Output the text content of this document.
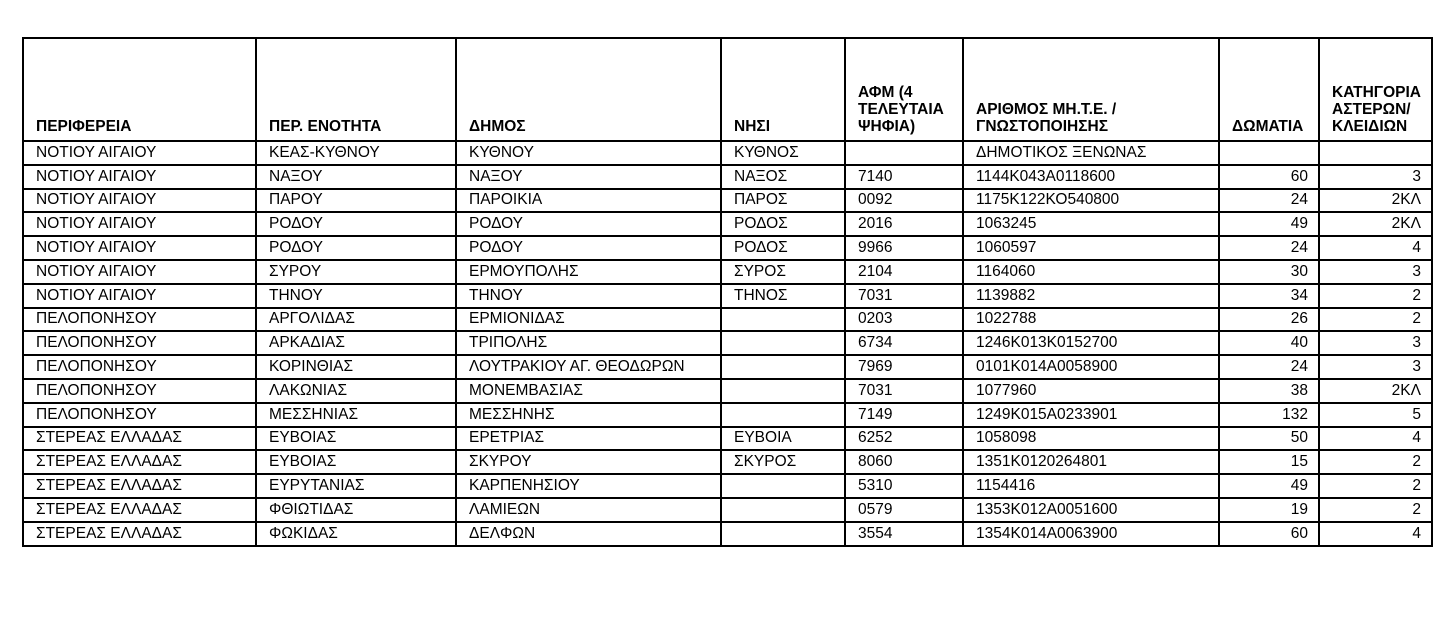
ΠΕΡΙΦΕΡΕΙΑ	ΠΕΡ. ΕΝΟΤΗΤΑ	ΔΗΜΟΣ	ΝΗΣΙ	ΑΦΜ (4 ΤΕΛΕΥΤΑΙΑ ΨΗΦΙΑ)	ΑΡΙΘΜΟΣ ΜΗ.Τ.Ε. / ΓΝΩΣΤΟΠΟΙΗΣΗΣ	ΔΩΜΑΤΙΑ	ΚΑΤΗΓΟΡΙΑ ΑΣΤΕΡΩΝ/ ΚΛΕΙΔΙΩΝ
ΝΟΤΙΟΥ ΑΙΓΑΙΟΥ	ΚΕΑΣ-ΚΥΘΝΟΥ	ΚΥΘΝΟΥ	ΚΥΘΝΟΣ		ΔΗΜΟΤΙΚΟΣ ΞΕΝΩΝΑΣ		
ΝΟΤΙΟΥ ΑΙΓΑΙΟΥ	ΝΑΞΟΥ	ΝΑΞΟΥ	ΝΑΞΟΣ	7140	1144Κ043Α0118600	60	3
ΝΟΤΙΟΥ ΑΙΓΑΙΟΥ	ΠΑΡΟΥ	ΠΑΡΟΙΚΙΑ	ΠΑΡΟΣ	0092	1175Κ122ΚΟ540800	24	2ΚΛ
ΝΟΤΙΟΥ ΑΙΓΑΙΟΥ	ΡΟΔΟΥ	ΡΟΔΟΥ	ΡΟΔΟΣ	2016	1063245	49	2ΚΛ
ΝΟΤΙΟΥ ΑΙΓΑΙΟΥ	ΡΟΔΟΥ	ΡΟΔΟΥ	ΡΟΔΟΣ	9966	1060597	24	4
ΝΟΤΙΟΥ ΑΙΓΑΙΟΥ	ΣΥΡΟΥ	ΕΡΜΟΥΠΟΛΗΣ	ΣΥΡΟΣ	2104	1164060	30	3
ΝΟΤΙΟΥ ΑΙΓΑΙΟΥ	ΤΗΝΟΥ	ΤΗΝΟΥ	ΤΗΝΟΣ	7031	1139882	34	2
ΠΕΛΟΠΟΝΗΣΟΥ	ΑΡΓΟΛΙΔΑΣ	ΕΡΜΙΟΝΙΔΑΣ		0203	1022788	26	2
ΠΕΛΟΠΟΝΗΣΟΥ	ΑΡΚΑΔΙΑΣ	ΤΡΙΠΟΛΗΣ		6734	1246Κ013Κ0152700	40	3
ΠΕΛΟΠΟΝΗΣΟΥ	ΚΟΡΙΝΘΙΑΣ	ΛΟΥΤΡΑΚΙΟΥ ΑΓ. ΘΕΟΔΩΡΩΝ		7969	0101Κ014Α0058900	24	3
ΠΕΛΟΠΟΝΗΣΟΥ	ΛΑΚΩΝΙΑΣ	ΜΟΝΕΜΒΑΣΙΑΣ		7031	1077960	38	2ΚΛ
ΠΕΛΟΠΟΝΗΣΟΥ	ΜΕΣΣΗΝΙΑΣ	ΜΕΣΣΗΝΗΣ		7149	1249Κ015Α0233901	132	5
ΣΤΕΡΕΑΣ ΕΛΛΑΔΑΣ	ΕΥΒΟΙΑΣ	ΕΡΕΤΡΙΑΣ	ΕΥΒΟΙΑ	6252	1058098	50	4
ΣΤΕΡΕΑΣ ΕΛΛΑΔΑΣ	ΕΥΒΟΙΑΣ	ΣΚΥΡΟΥ	ΣΚΥΡΟΣ	8060	1351Κ0120264801	15	2
ΣΤΕΡΕΑΣ ΕΛΛΑΔΑΣ	ΕΥΡΥΤΑΝΙΑΣ	ΚΑΡΠΕΝΗΣΙΟΥ		5310	1154416	49	2
ΣΤΕΡΕΑΣ ΕΛΛΑΔΑΣ	ΦΘΙΩΤΙΔΑΣ	ΛΑΜΙΕΩΝ		0579	1353Κ012Α0051600	19	2
ΣΤΕΡΕΑΣ ΕΛΛΑΔΑΣ	ΦΩΚΙΔΑΣ	ΔΕΛΦΩΝ		3554	1354Κ014Α0063900	60	4
